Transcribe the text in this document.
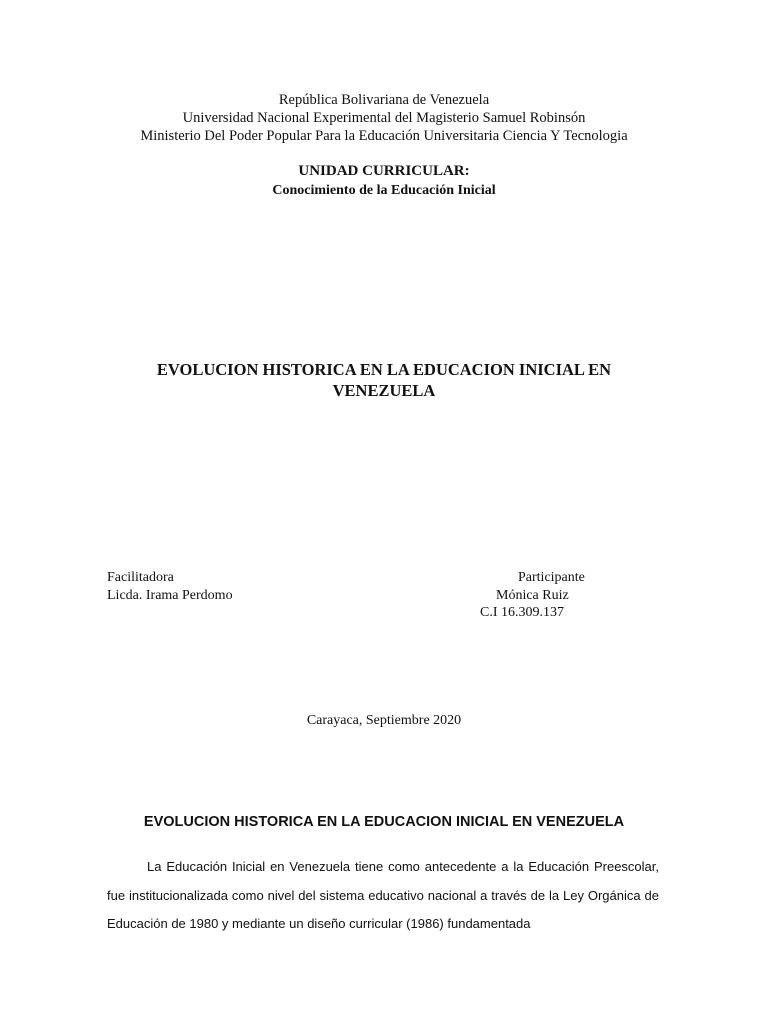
República Bolivariana de Venezuela
Universidad Nacional Experimental del Magisterio Samuel Robinsón
Ministerio Del Poder Popular Para la Educación Universitaria Ciencia Y Tecnologia
UNIDAD CURRICULAR:
Conocimiento de la Educación Inicial
EVOLUCION HISTORICA EN LA EDUCACION INICIAL EN
VENEZUELA
Facilitadora
Licda. Irama Perdomo
Participante
Mónica Ruiz
C.I 16.309.137
Carayaca, Septiembre 2020
EVOLUCION HISTORICA EN LA EDUCACION INICIAL EN VENEZUELA
La Educación Inicial en Venezuela tiene como antecedente a la Educación Preescolar, fue institucionalizada como nivel del sistema educativo nacional a través de la Ley Orgánica de Educación de 1980 y mediante un diseño curricular (1986) fundamentada
